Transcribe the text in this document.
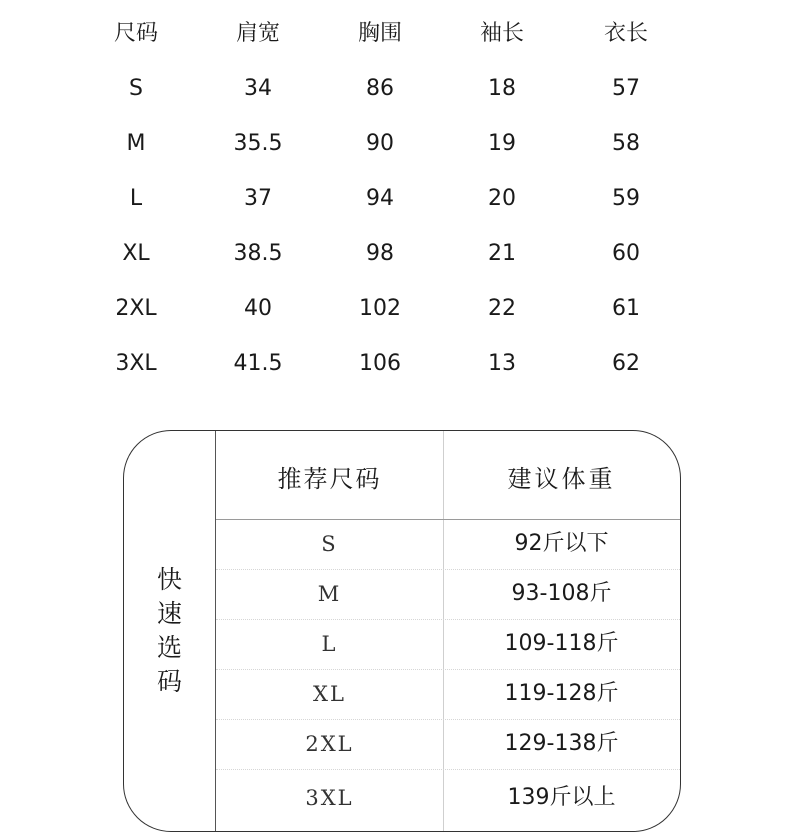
尺码	肩宽	胸围	袖长	衣长
S	34	86	18	57
M	35.5	90	19	58
L	37	94	20	59
XL	38.5	98	21	60
2XL	40	102	22	61
3XL	41.5	106	13	62
快
速
选
码
推荐尺码	建议体重
S	92斤以下
M	93-108斤
L	109-118斤
XL	119-128斤
2XL	129-138斤
3XL	139斤以上
